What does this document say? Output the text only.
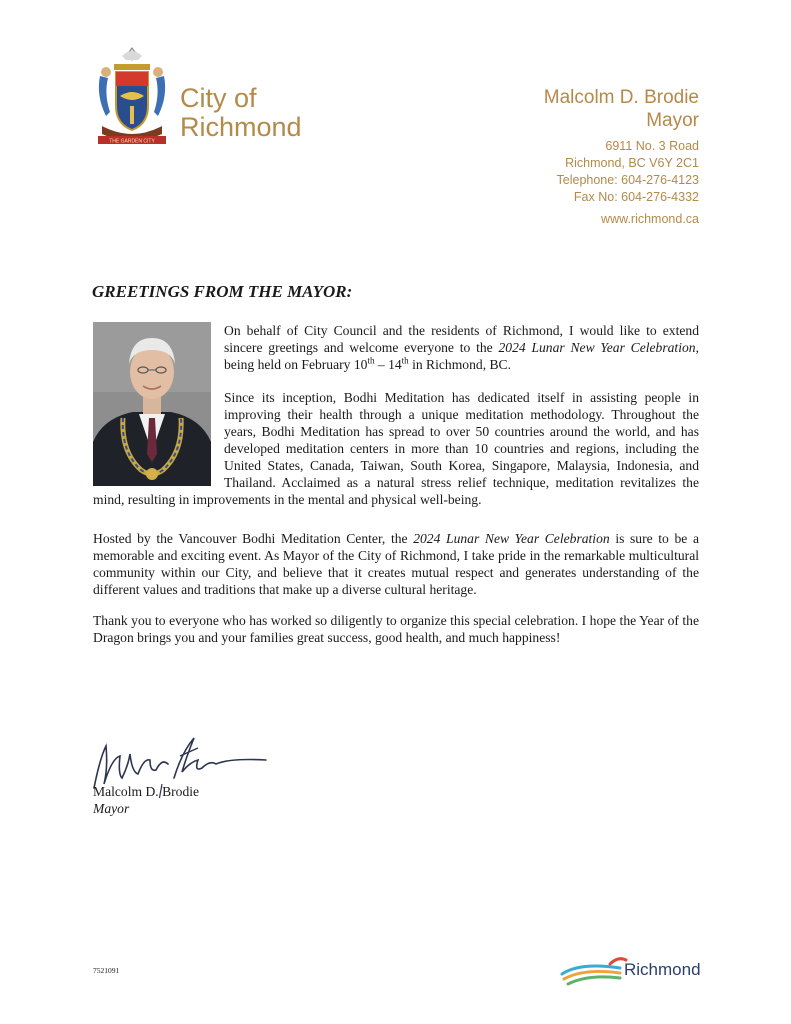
THE GARDEN CITY
City of
Richmond
Malcolm D. Brodie
Mayor
6911 No. 3 Road
Richmond, BC V6Y 2C1
Telephone: 604-276-4123
Fax No: 604-276-4332
www.richmond.ca
GREETINGS FROM THE MAYOR:

On behalf of City Council and the residents of Richmond, I would like to extend sincere greetings and welcome everyone to the 2024 Lunar New Year Celebration, being held on February 10th – 14th in Richmond, BC.

Since its inception, Bodhi Meditation has dedicated itself in assisting people in improving their health through a unique meditation methodology. Throughout the years, Bodhi Meditation has spread to over 50 countries around the world, and has developed meditation centers in more than 10 countries and regions, including the United States, Canada, Taiwan, South Korea, Singapore, Malaysia, Indonesia, and Thailand. Acclaimed as a natural stress relief technique, meditation revitalizes the mind, resulting in improvements in the mental and physical well-being.

Hosted by the Vancouver Bodhi Meditation Center, the 2024 Lunar New Year Celebration is sure to be a memorable and exciting event. As Mayor of the City of Richmond, I take pride in the remarkable multicultural community within our City, and believe that it creates mutual respect and generates understanding of the different values and traditions that make up a diverse cultural heritage.

Thank you to everyone who has worked so diligently to organize this special celebration. I hope the Year of the Dragon brings you and your families great success, good health, and much happiness!

Malcolm D. Brodie
Mayor
7521091	Richmond
